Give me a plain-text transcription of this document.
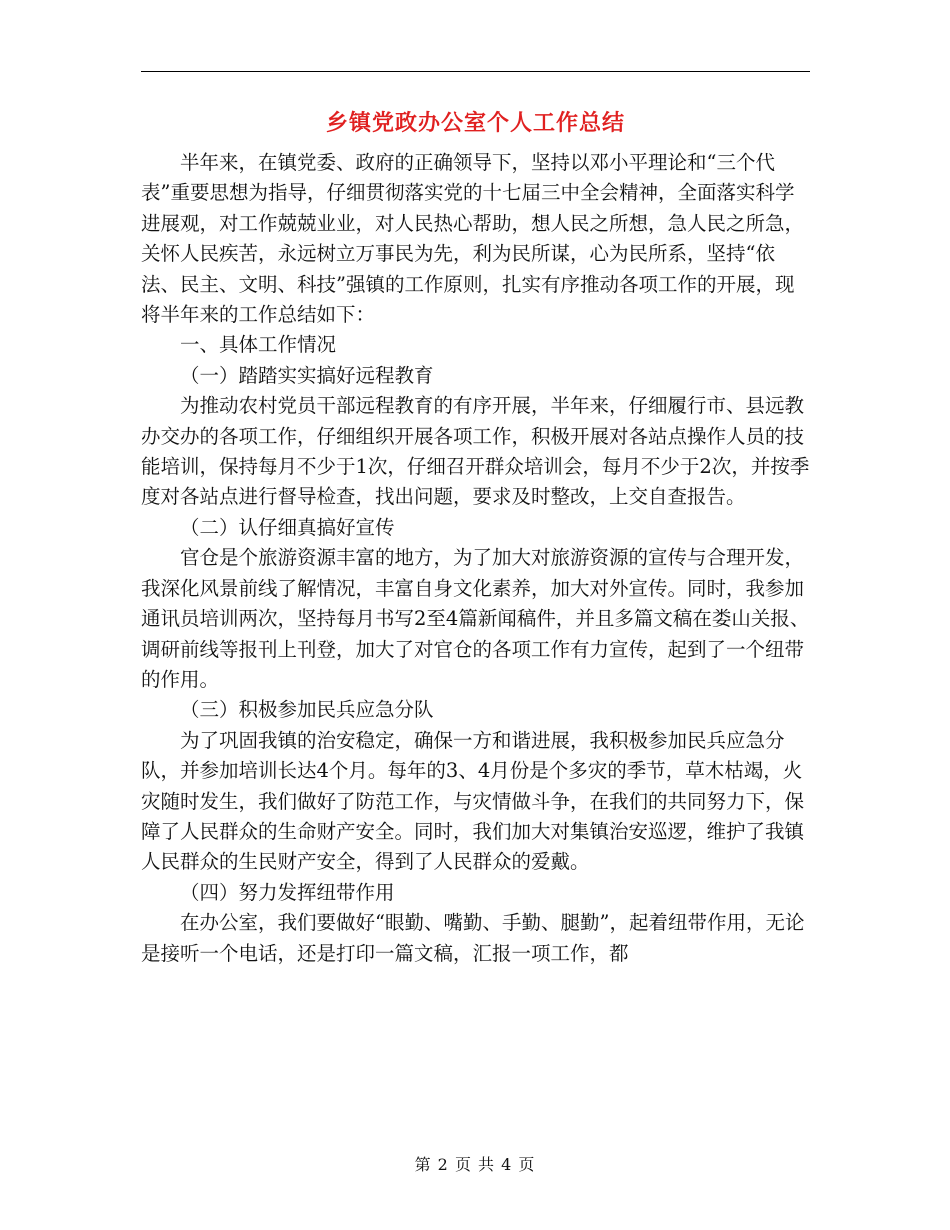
乡镇党政办公室个人工作总结

半年来，在镇党委、政府的正确领导下，坚持以邓小平理论和“三个代表”重要思想为指导，仔细贯彻落实党的十七届三中全会精神，全面落实科学进展观，对工作兢兢业业，对人民热心帮助，想人民之所想，急人民之所急，关怀人民疾苦，永远树立万事民为先，利为民所谋，心为民所系，坚持“依法、民主、文明、科技”强镇的工作原则，扎实有序推动各项工作的开展，现将半年来的工作总结如下：

一、具体工作情况

（一）踏踏实实搞好远程教育

为推动农村党员干部远程教育的有序开展，半年来，仔细履行市、县远教办交办的各项工作，仔细组织开展各项工作，积极开展对各站点操作人员的技能培训，保持每月不少于1次，仔细召开群众培训会，每月不少于2次，并按季度对各站点进行督导检查，找出问题，要求及时整改，上交自查报告。

（二）认仔细真搞好宣传

官仓是个旅游资源丰富的地方，为了加大对旅游资源的宣传与合理开发，我深化风景前线了解情况，丰富自身文化素养，加大对外宣传。同时，我参加通讯员培训两次，坚持每月书写2至4篇新闻稿件，并且多篇文稿在娄山关报、调研前线等报刊上刊登，加大了对官仓的各项工作有力宣传，起到了一个纽带的作用。

（三）积极参加民兵应急分队

为了巩固我镇的治安稳定，确保一方和谐进展，我积极参加民兵应急分队，并参加培训长达4个月。每年的3、4月份是个多灾的季节，草木枯竭，火灾随时发生，我们做好了防范工作，与灾情做斗争，在我们的共同努力下，保障了人民群众的生命财产安全。同时，我们加大对集镇治安巡逻，维护了我镇人民群众的生民财产安全，得到了人民群众的爱戴。

（四）努力发挥纽带作用

在办公室，我们要做好“眼勤、嘴勤、手勤、腿勤”，起着纽带作用，无论是接听一个电话，还是打印一篇文稿，汇报一项工作，都

第 2 页 共 4 页
